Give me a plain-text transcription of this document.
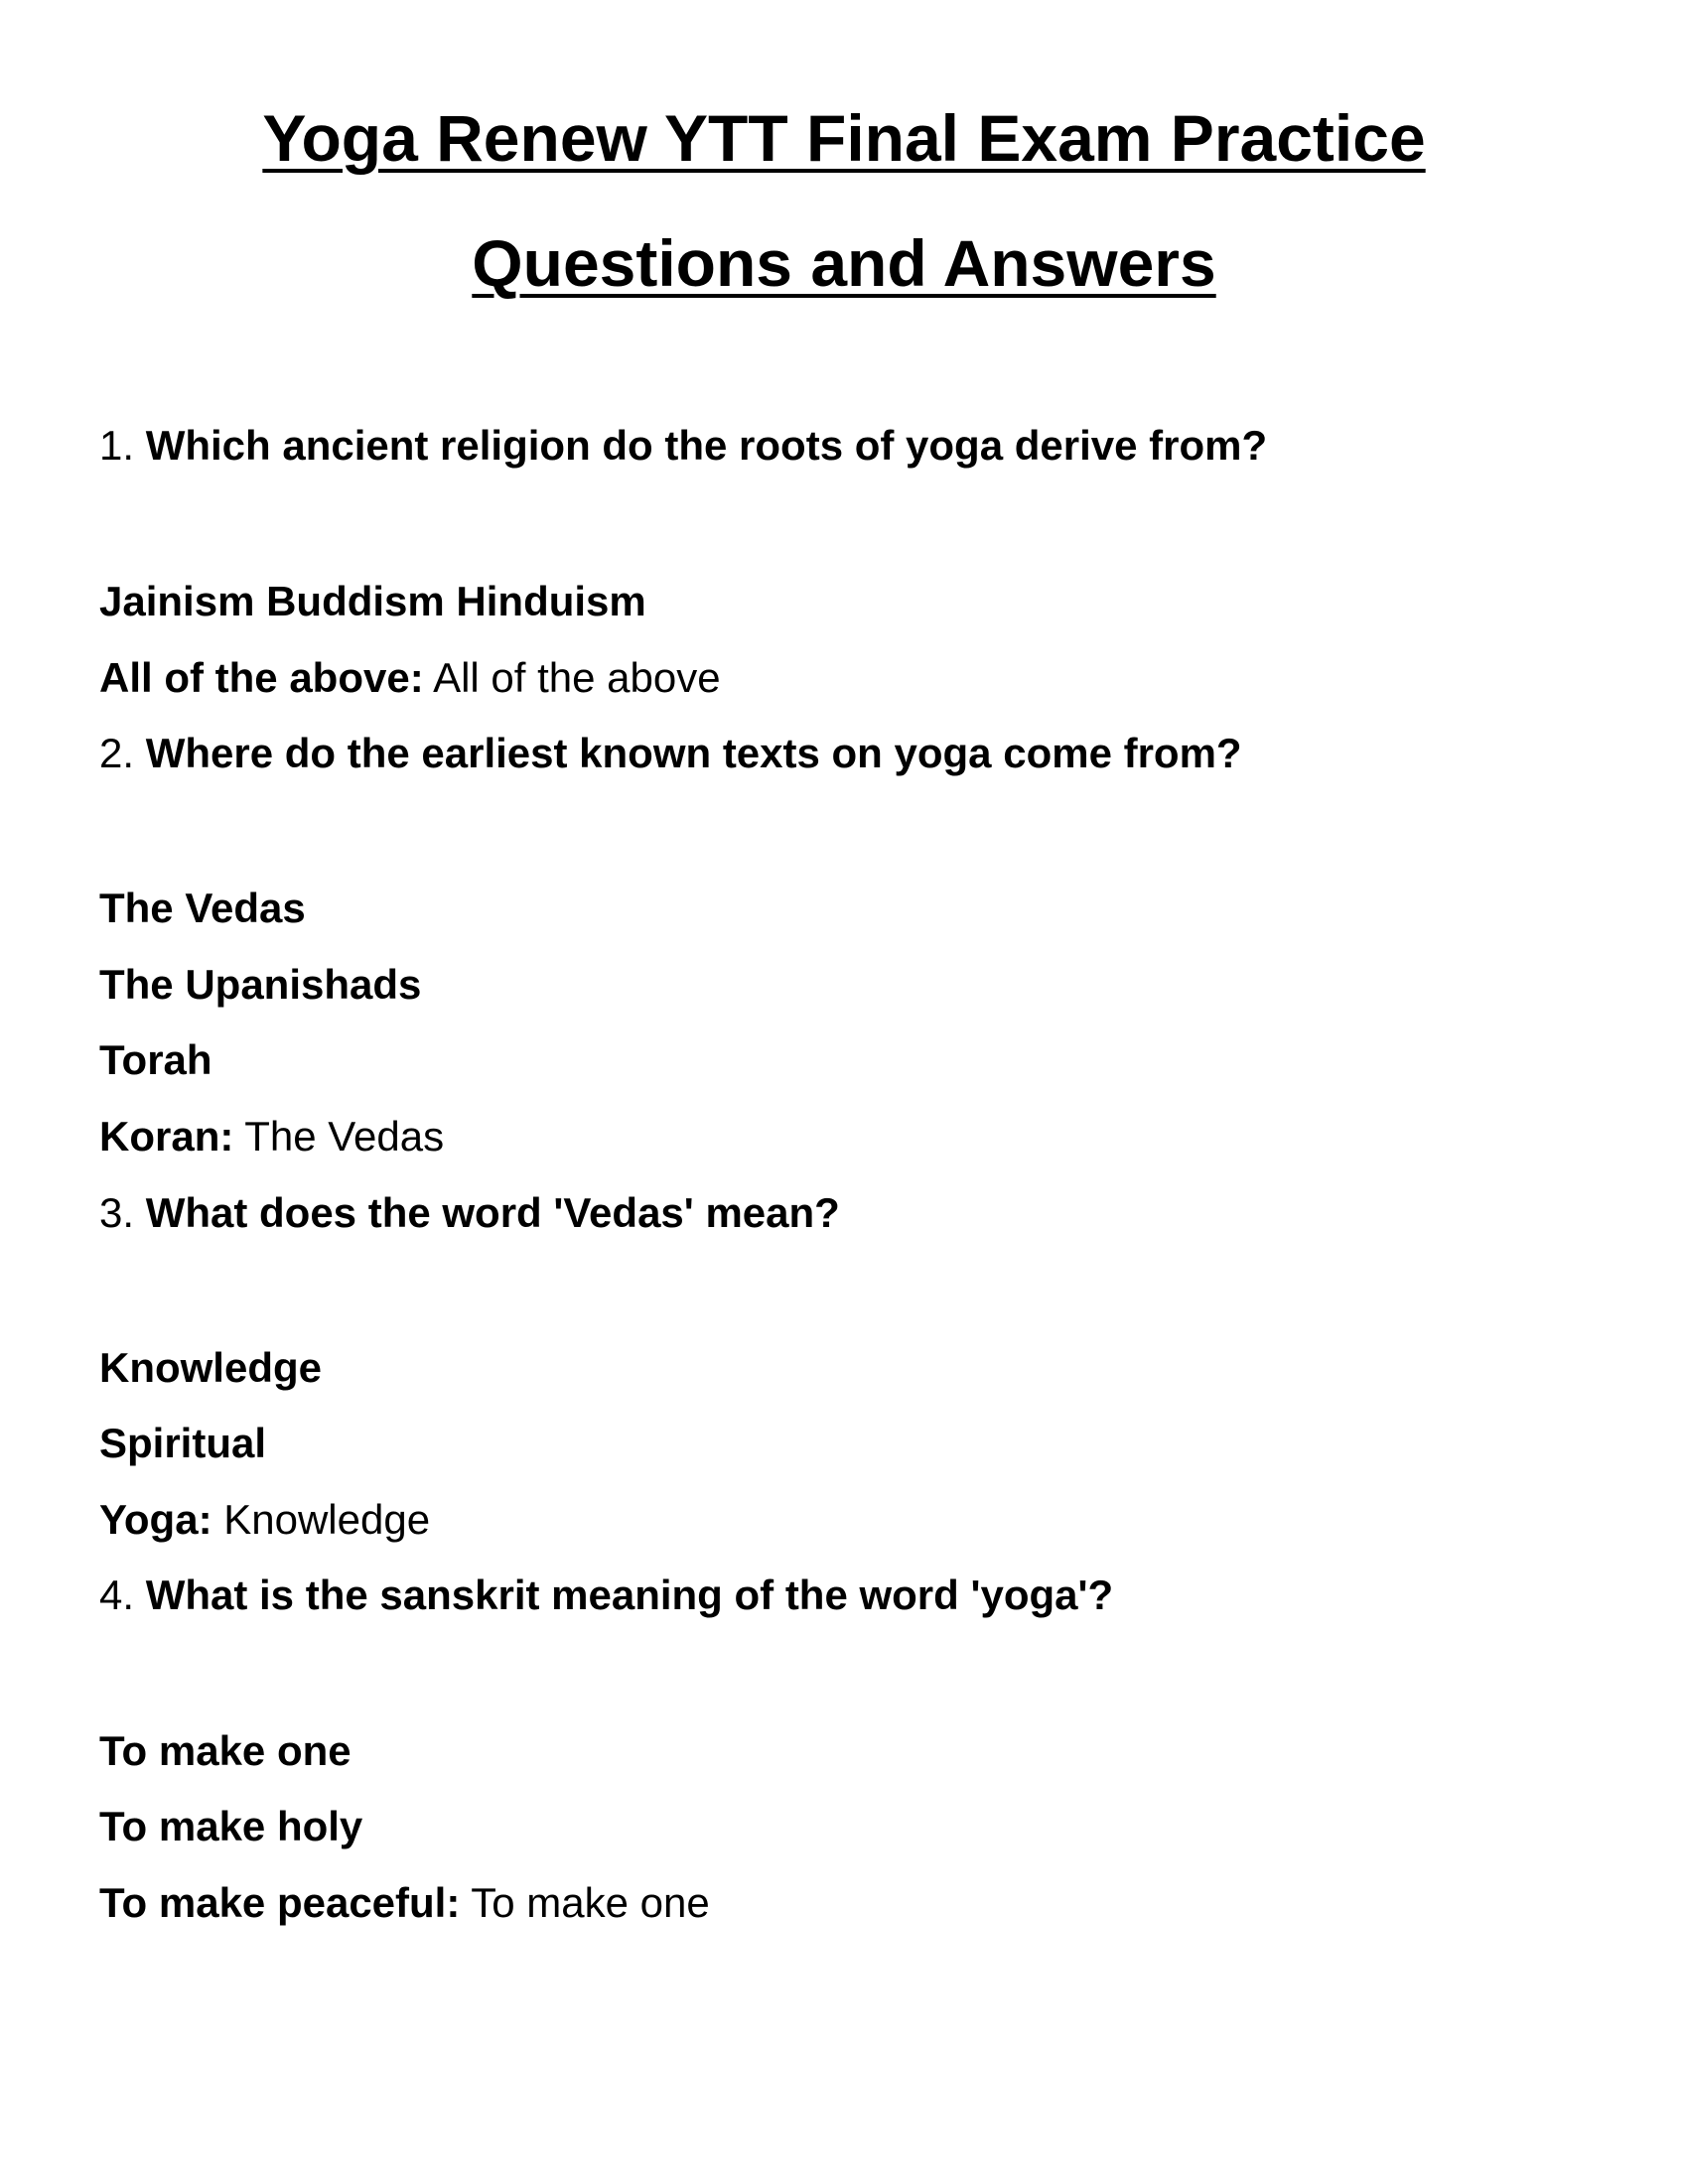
Yoga Renew YTT Final Exam Practice
Questions and Answers
1. Which ancient religion do the roots of yoga derive from?
Jainism Buddism Hinduism
All of the above: All of the above
2. Where do the earliest known texts on yoga come from?
The Vedas
The Upanishads
Torah
Koran: The Vedas
3. What does the word 'Vedas' mean?
Knowledge
Spiritual
Yoga: Knowledge
4. What is the sanskrit meaning of the word 'yoga'?
To make one
To make holy
To make peaceful: To make one
